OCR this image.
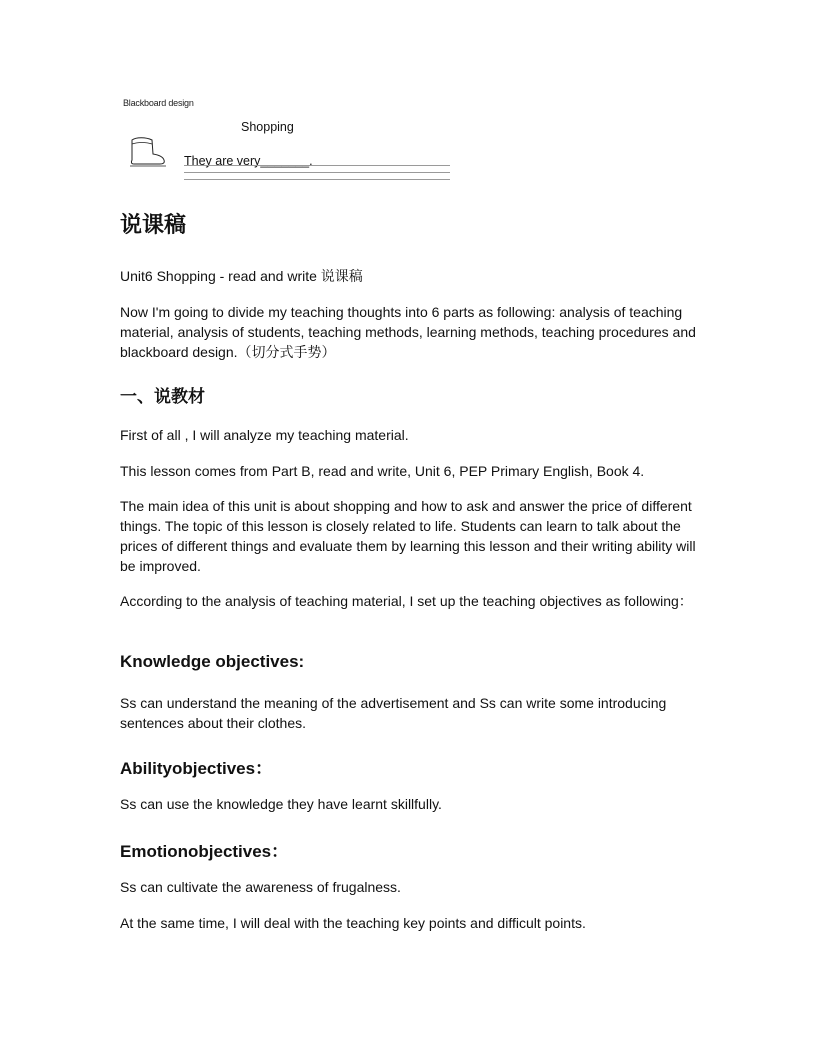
Blackboard design
Shopping
They are very_______.
说课稿

Unit6 Shopping - read and write 说课稿

Now I'm going to divide my teaching thoughts into 6 parts as following: analysis of teaching material, analysis of students, teaching methods, learning methods, teaching procedures and blackboard design.（切分式手势）

一、说教材

First of all , I will analyze my teaching material.

This lesson comes from Part B, read and write, Unit 6, PEP Primary English, Book 4.

The main idea of this unit is about shopping and how to ask and answer the price of different things. The topic of this lesson is closely related to life. Students can learn to talk about the prices of different things and evaluate them by learning this lesson and their writing ability will be improved.

According to the analysis of teaching material, I set up the teaching objectives as following：

Knowledge objectives:

Ss can understand the meaning of the advertisement and Ss can write some introducing sentences about their clothes.

Abilityobjectives：

Ss can use the knowledge they have learnt skillfully.

Emotionobjectives：

Ss can cultivate the awareness of frugalness.

At the same time, I will deal with the teaching key points and difficult points.
